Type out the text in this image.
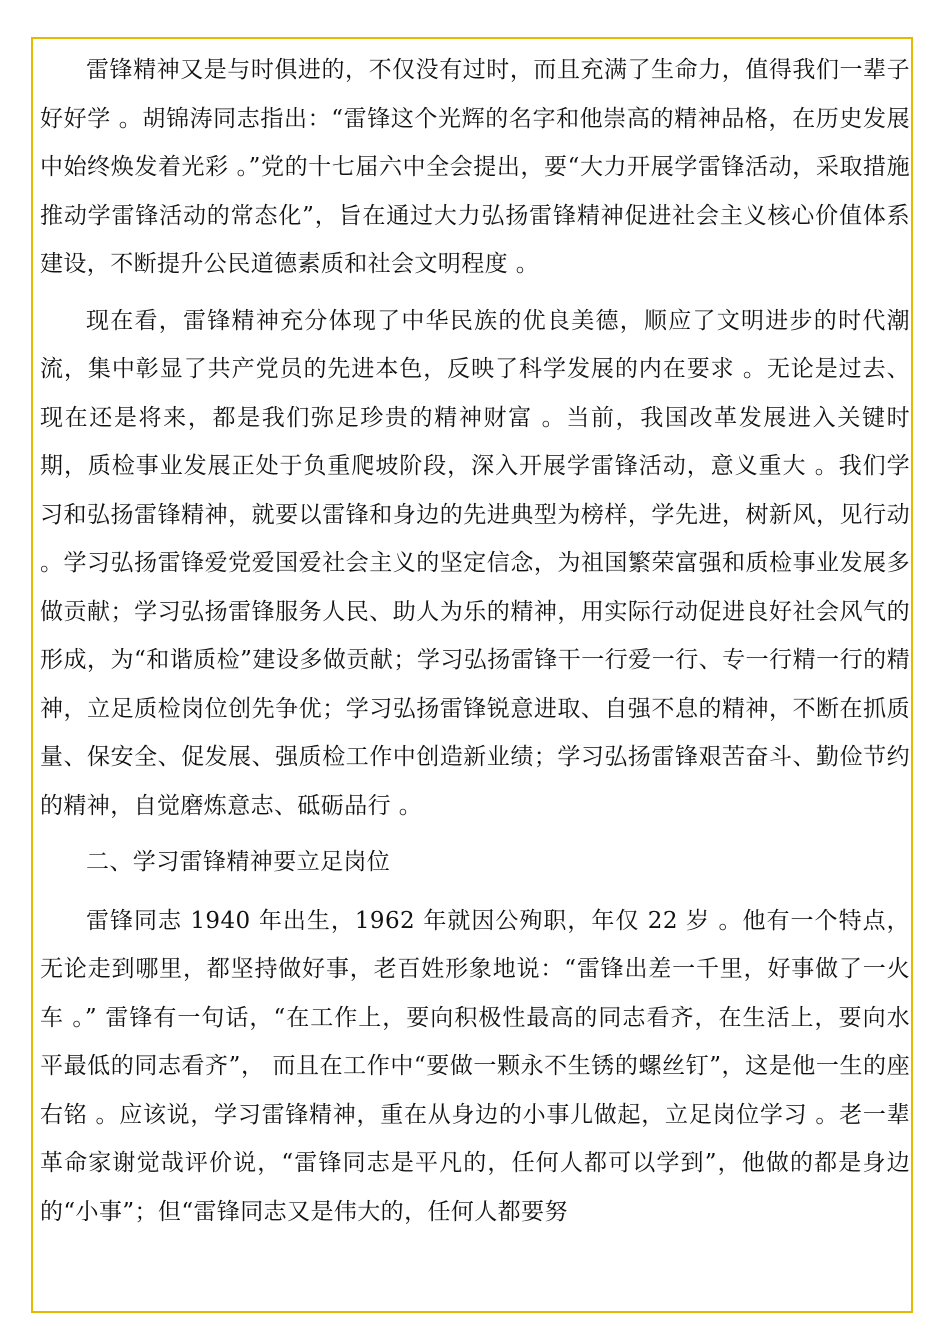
雷锋精神又是与时俱进的，不仅没有过时，而且充满了生命力，值得我们一辈子好好学 。胡锦涛同志指出：“雷锋这个光辉的名字和他崇高的精神品格，在历史发展中始终焕发着光彩 。”党的十七届六中全会提出，要“大力开展学雷锋活动，采取措施推动学雷锋活动的常态化”，旨在通过大力弘扬雷锋精神促进社会主义核心价值体系建设，不断提升公民道德素质和社会文明程度 。

现在看，雷锋精神充分体现了中华民族的优良美德，顺应了文明进步的时代潮流，集中彰显了共产党员的先进本色，反映了科学发展的内在要求 。无论是过去、现在还是将来，都是我们弥足珍贵的精神财富 。当前，我国改革发展进入关键时期，质检事业发展正处于负重爬坡阶段，深入开展学雷锋活动，意义重大 。我们学习和弘扬雷锋精神，就要以雷锋和身边的先进典型为榜样，学先进，树新风，见行动 。学习弘扬雷锋爱党爱国爱社会主义的坚定信念，为祖国繁荣富强和质检事业发展多做贡献；学习弘扬雷锋服务人民、助人为乐的精神，用实际行动促进良好社会风气的形成，为“和谐质检”建设多做贡献；学习弘扬雷锋干一行爱一行、专一行精一行的精神，立足质检岗位创先争优；学习弘扬雷锋锐意进取、自强不息的精神，不断在抓质量、保安全、促发展、强质检工作中创造新业绩；学习弘扬雷锋艰苦奋斗、勤俭节约的精神，自觉磨炼意志、砥砺品行 。

二、学习雷锋精神要立足岗位

雷锋同志 1940 年出生，1962 年就因公殉职，年仅 22 岁 。他有一个特点，无论走到哪里，都坚持做好事，老百姓形象地说：“雷锋出差一千里，好事做了一火车 。” 雷锋有一句话，“在工作上，要向积极性最高的同志看齐，在生活上，要向水平最低的同志看齐”， 而且在工作中“要做一颗永不生锈的螺丝钉”，这是他一生的座右铭 。应该说，学习雷锋精神，重在从身边的小事儿做起，立足岗位学习 。老一辈革命家谢觉哉评价说，“雷锋同志是平凡的，任何人都可以学到”，他做的都是身边的“小事”；但“雷锋同志又是伟大的，任何人都要努
